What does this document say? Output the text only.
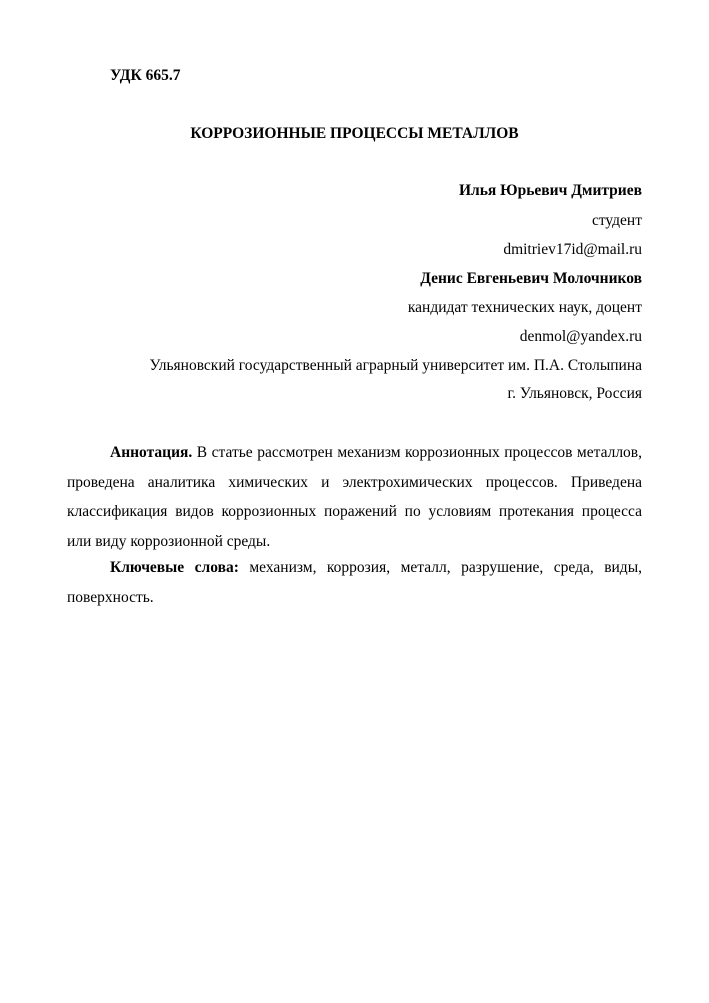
УДК 665.7
КОРРОЗИОННЫЕ ПРОЦЕССЫ МЕТАЛЛОВ
Илья Юрьевич Дмитриев
студент
dmitriev17id@mail.ru
Денис Евгеньевич Молочников
кандидат технических наук, доцент
denmol@yandex.ru
Ульяновский государственный аграрный университет им. П.А. Столыпина
г. Ульяновск, Россия
Аннотация. В статье рассмотрен механизм коррозионных процессов металлов, проведена аналитика химических и электрохимических процессов. Приведена классификация видов коррозионных поражений по условиям протекания процесса или виду коррозионной среды.
Ключевые слова: механизм, коррозия, металл, разрушение, среда, виды, поверхность.
